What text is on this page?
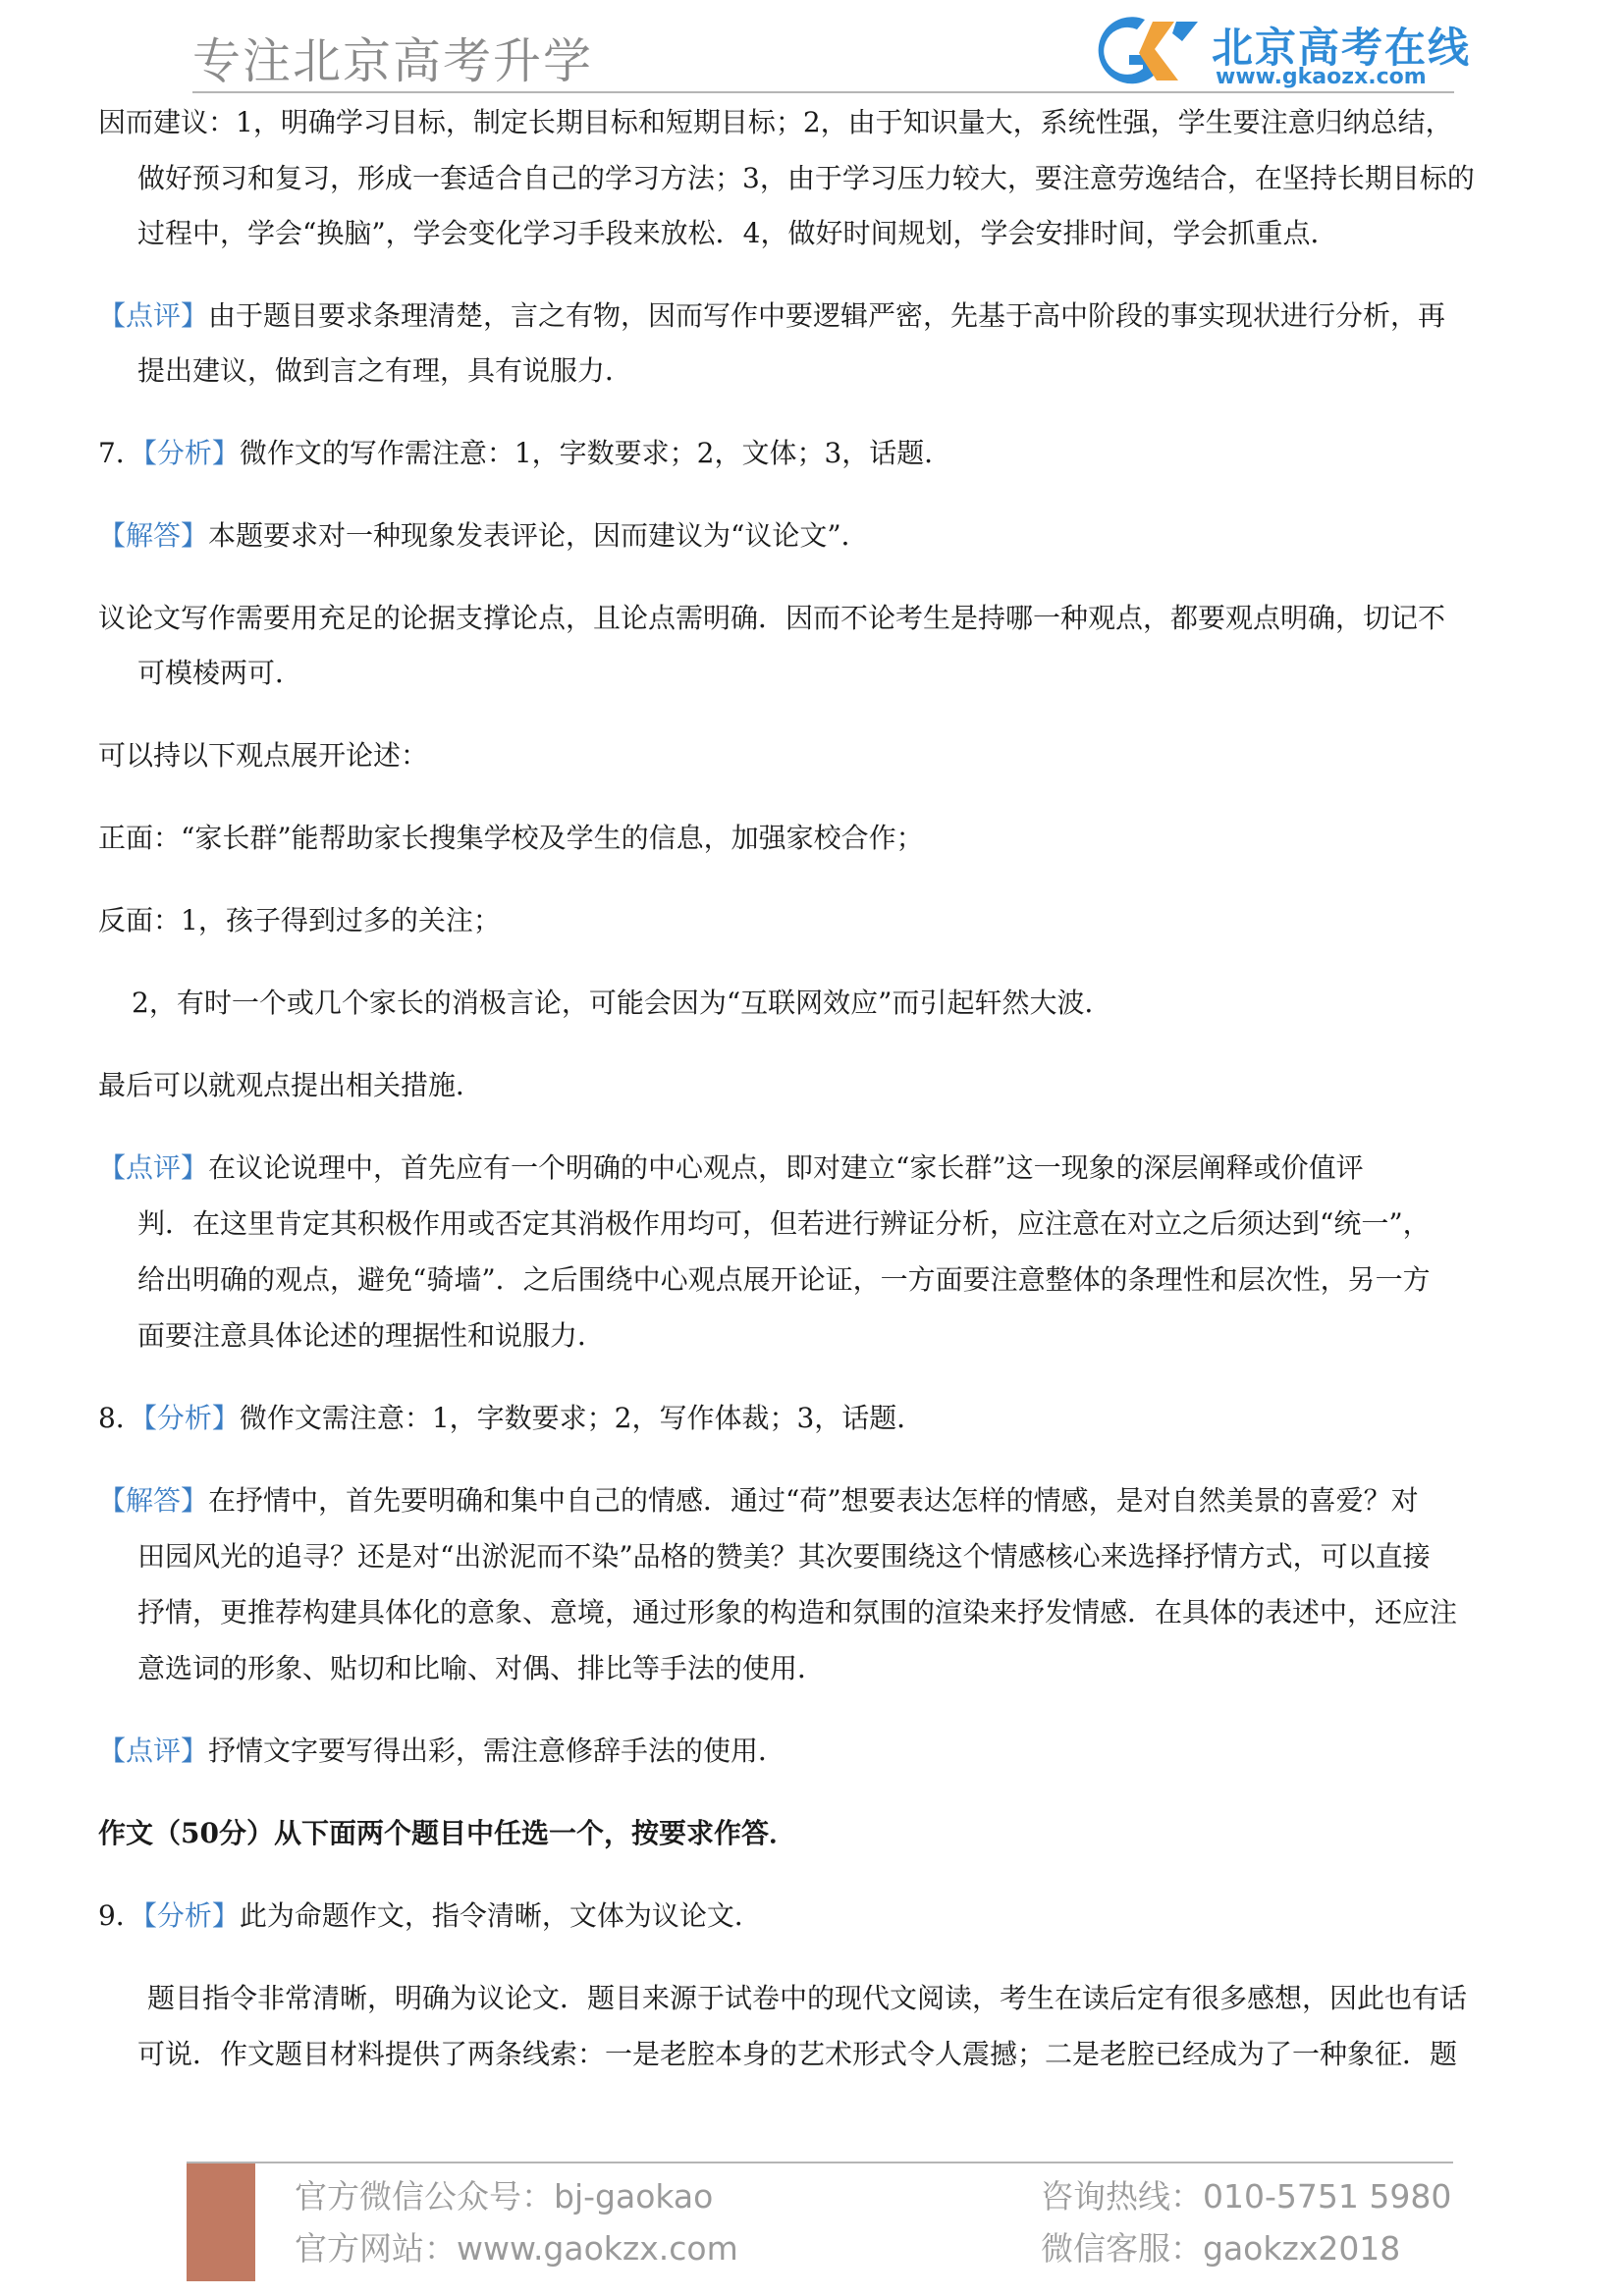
专注北京高考升学	北京高考在线
www.gkaozx.com
因而建议：1，明确学习目标，制定长期目标和短期目标；2，由于知识量大，系统性强，学生要注意归纳总结，
做好预习和复习，形成一套适合自己的学习方法；3，由于学习压力较大，要注意劳逸结合，在坚持长期目标的
过程中，学会“换脑”，学会变化学习手段来放松．4，做好时间规划，学会安排时间，学会抓重点．
【点评】由于题目要求条理清楚，言之有物，因而写作中要逻辑严密，先基于高中阶段的事实现状进行分析，再
提出建议，做到言之有理，具有说服力．
7．【分析】微作文的写作需注意：1，字数要求；2，文体；3，话题．
【解答】本题要求对一种现象发表评论，因而建议为“议论文”．
议论文写作需要用充足的论据支撑论点，且论点需明确．因而不论考生是持哪一种观点，都要观点明确，切记不
可模棱两可．
可以持以下观点展开论述：
正面：“家长群”能帮助家长搜集学校及学生的信息，加强家校合作；
反面：1，孩子得到过多的关注；
2，有时一个或几个家长的消极言论，可能会因为“互联网效应”而引起轩然大波．
最后可以就观点提出相关措施．
【点评】在议论说理中，首先应有一个明确的中心观点，即对建立“家长群”这一现象的深层阐释或价值评
判．在这里肯定其积极作用或否定其消极作用均可，但若进行辨证分析，应注意在对立之后须达到“统一”，
给出明确的观点，避免“骑墙”．之后围绕中心观点展开论证，一方面要注意整体的条理性和层次性，另一方
面要注意具体论述的理据性和说服力．
8．【分析】微作文需注意：1，字数要求；2，写作体裁；3，话题．
【解答】在抒情中，首先要明确和集中自己的情感．通过“荷”想要表达怎样的情感，是对自然美景的喜爱？对
田园风光的追寻？还是对“出淤泥而不染”品格的赞美？其次要围绕这个情感核心来选择抒情方式，可以直接
抒情，更推荐构建具体化的意象、意境，通过形象的构造和氛围的渲染来抒发情感．在具体的表述中，还应注
意选词的形象、贴切和比喻、对偶、排比等手法的使用．
【点评】抒情文字要写得出彩，需注意修辞手法的使用．
作文（50分）从下面两个题目中任选一个，按要求作答．
9．【分析】此为命题作文，指令清晰，文体为议论文．
题目指令非常清晰，明确为议论文．题目来源于试卷中的现代文阅读，考生在读后定有很多感想，因此也有话
可说．作文题目材料提供了两条线索：一是老腔本身的艺术形式令人震撼；二是老腔已经成为了一种象征．题
官方微信公众号：bj-gaokao
官方网站：www.gaokzx.com
咨询热线：010-5751 5980
微信客服：gaokzx2018
